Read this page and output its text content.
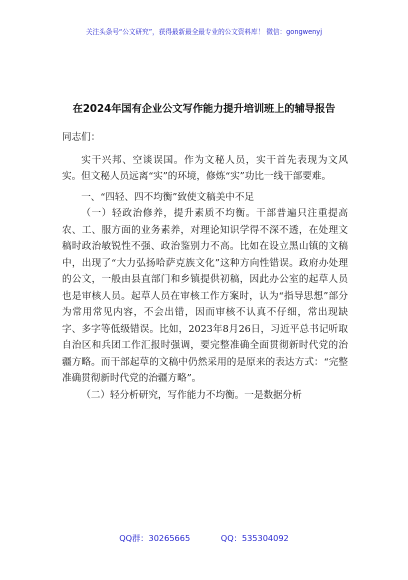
关注头条号“公文研究”，获得最新最全最专业的公文资料库！ 微信：gongwenyj
在2024年国有企业公文写作能力提升培训班上的辅导报告

同志们：

实干兴邦、空谈误国。作为文秘人员，实干首先表现为文风实。但文秘人员远离“实”的环境，修炼“实”功比一线干部要难。

一、“四轻、四不均衡”致使文稿美中不足

（一）轻政治修养，提升素质不均衡。干部普遍只注重提高农、工、服方面的业务素养，对理论知识学得不深不透，在处理文稿时政治敏锐性不强、政治鉴别力不高。比如在设立黑山镇的文稿中，出现了“大力弘扬哈萨克族文化”这种方向性错误。政府办处理的公文，一般由县直部门和乡镇提供初稿，因此办公室的起草人员也是审核人员。起草人员在审核工作方案时，认为“指导思想”部分为常用常见内容，不会出错，因而审核不认真不仔细，常出现缺字、多字等低级错误。比如，2023年8月26日，习近平总书记听取自治区和兵团工作汇报时强调，要完整准确全面贯彻新时代党的治疆方略。而干部起草的文稿中仍然采用的是原来的表达方式：“完整准确贯彻新时代党的治疆方略”。

（二）轻分析研究，写作能力不均衡。一是数据分析

QQ群：30265665	QQ：535304092
